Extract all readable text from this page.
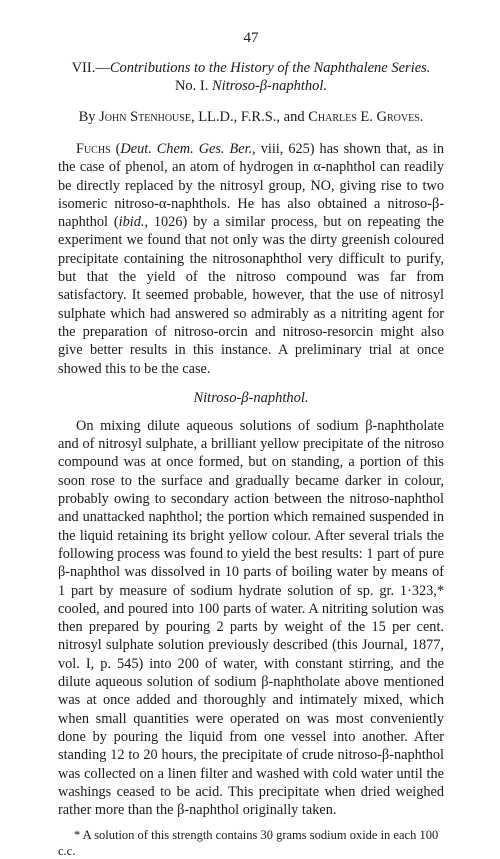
47
VII.—Contributions to the History of the Naphthalene Series.
No. I. Nitroso-β-naphthol.
By John Stenhouse, LL.D., F.R.S., and Charles E. Groves.

Fuchs (Deut. Chem. Ges. Ber., viii, 625) has shown that, as in the case of phenol, an atom of hydrogen in α-naphthol can readily be directly replaced by the nitrosyl group, NO, giving rise to two isomeric nitroso-α-naphthols. He has also obtained a nitroso-β-naphthol (ibid., 1026) by a similar process, but on repeating the experiment we found that not only was the dirty greenish coloured precipitate containing the nitrosonaphthol very difficult to purify, but that the yield of the nitroso compound was far from satisfactory. It seemed probable, however, that the use of nitrosyl sulphate which had answered so admirably as a nitriting agent for the preparation of nitroso-orcin and nitroso-resorcin might also give better results in this instance. A preliminary trial at once showed this to be the case.

Nitroso-β-naphthol.

On mixing dilute aqueous solutions of sodium β-naphtholate and of nitrosyl sulphate, a brilliant yellow precipitate of the nitroso compound was at once formed, but on standing, a portion of this soon rose to the surface and gradually became darker in colour, probably owing to secondary action between the nitroso-naphthol and unattacked naphthol; the portion which remained suspended in the liquid retaining its bright yellow colour. After several trials the following process was found to yield the best results: 1 part of pure β-naphthol was dissolved in 10 parts of boiling water by means of 1 part by measure of sodium hydrate solution of sp. gr. 1·323,* cooled, and poured into 100 parts of water. A nitriting solution was then prepared by pouring 2 parts by weight of the 15 per cent. nitrosyl sulphate solution previously described (this Journal, 1877, vol. I, p. 545) into 200 of water, with constant stirring, and the dilute aqueous solution of sodium β-naphtholate above mentioned was at once added and thoroughly and intimately mixed, which when small quantities were operated on was most conveniently done by pouring the liquid from one vessel into another. After standing 12 to 20 hours, the precipitate of crude nitroso-β-naphthol was collected on a linen filter and washed with cold water until the washings ceased to be acid. This precipitate when dried weighed rather more than the β-naphthol originally taken.

* A solution of this strength contains 30 grams sodium oxide in each 100 c.c.
